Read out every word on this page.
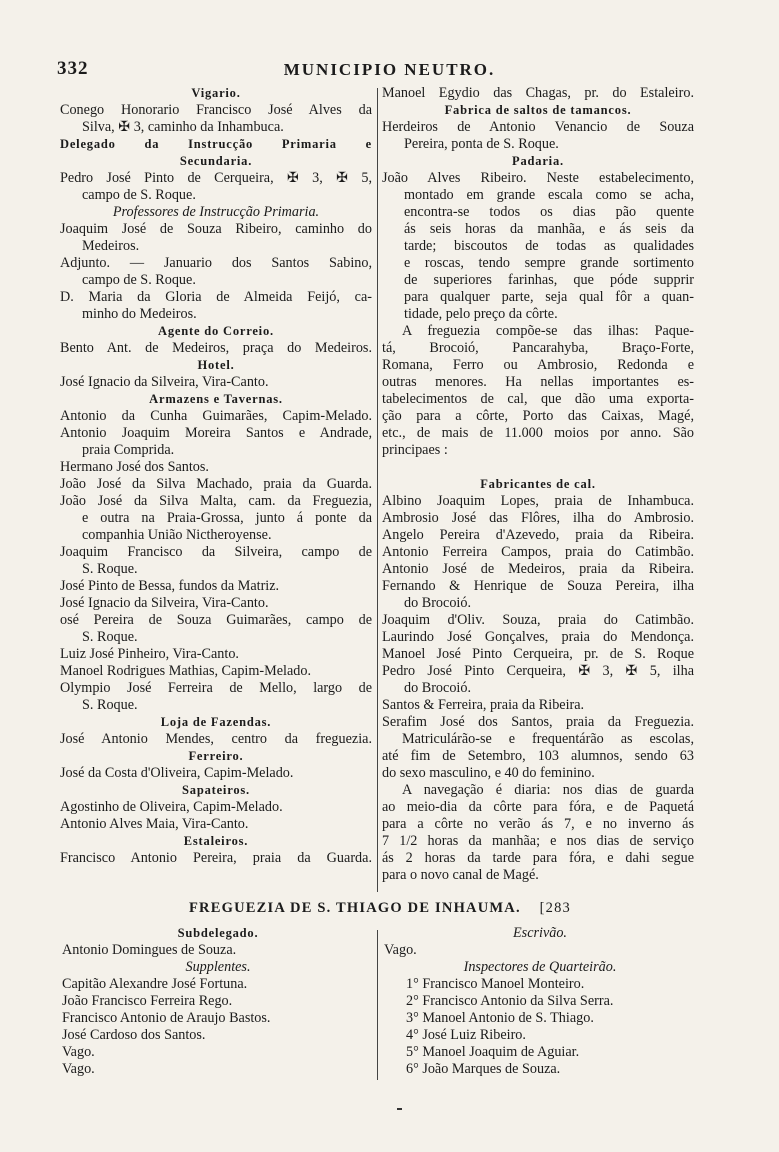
332	MUNICIPIO NEUTRO.
Vigario.
Conego Honorario Francisco José Alves da
Silva, ✠ 3, caminho da Inhambuca.
Delegado da Instrucção Primaria e
Secundaria.
Pedro José Pinto de Cerqueira, ✠ 3, ✠ 5,
campo de S. Roque.
Professores de Instrucção Primaria.
Joaquim José de Souza Ribeiro, caminho do
Medeiros.
Adjunto. — Januario dos Santos Sabino,
campo de S. Roque.
D. Maria da Gloria de Almeida Feijó, ca-
minho do Medeiros.
Agente do Correio.
Bento Ant. de Medeiros, praça do Medeiros.
Hotel.
José Ignacio da Silveira, Vira-Canto.
Armazens e Tavernas.
Antonio da Cunha Guimarães, Capim-Melado.
Antonio Joaquim Moreira Santos e Andrade,
praia Comprida.
Hermano José dos Santos.
João José da Silva Machado, praia da Guarda.
João José da Silva Malta, cam. da Freguezia,
e outra na Praia-Grossa, junto á ponte da
companhia União Nictheroyense.
Joaquim Francisco da Silveira, campo de
S. Roque.
José Pinto de Bessa, fundos da Matriz.
José Ignacio da Silveira, Vira-Canto.
osé Pereira de Souza Guimarães, campo de
S. Roque.
Luiz José Pinheiro, Vira-Canto.
Manoel Rodrigues Mathias, Capim-Melado.
Olympio José Ferreira de Mello, largo de
S. Roque.
Loja de Fazendas.
José Antonio Mendes, centro da freguezia.
Ferreiro.
José da Costa d'Oliveira, Capim-Melado.
Sapateiros.
Agostinho de Oliveira, Capim-Melado.
Antonio Alves Maia, Vira-Canto.
Estaleiros.
Francisco Antonio Pereira, praia da Guarda.
Manoel Egydio das Chagas, pr. do Estaleiro.
Fabrica de saltos de tamancos.
Herdeiros de Antonio Venancio de Souza
Pereira, ponta de S. Roque.
Padaria.
João Alves Ribeiro. Neste estabelecimento,
montado em grande escala como se acha,
encontra-se todos os dias pão quente
ás seis horas da manhãa, e ás seis da
tarde; biscoutos de todas as qualidades
e roscas, tendo sempre grande sortimento
de superiores farinhas, que póde supprir
para qualquer parte, seja qual fôr a quan-
tidade, pelo preço da côrte.
A freguezia compõe-se das ilhas: Paque-
tá, Brocoió, Pancarahyba, Braço-Forte,
Romana, Ferro ou Ambrosio, Redonda e
outras menores. Ha nellas importantes es-
tabelecimentos de cal, que dão uma exporta-
ção para a côrte, Porto das Caixas, Magé,
etc., de mais de 11.000 moios por anno. São
principaes :

Fabricantes de cal.
Albino Joaquim Lopes, praia de Inhambuca.
Ambrosio José das Flôres, ilha do Ambrosio.
Angelo Pereira d'Azevedo, praia da Ribeira.
Antonio Ferreira Campos, praia do Catimbão.
Antonio José de Medeiros, praia da Ribeira.
Fernando & Henrique de Souza Pereira, ilha
do Brocoió.
Joaquim d'Oliv. Souza, praia do Catimbão.
Laurindo José Gonçalves, praia do Mendonça.
Manoel José Pinto Cerqueira, pr. de S. Roque
Pedro José Pinto Cerqueira, ✠ 3, ✠ 5, ilha
do Brocoió.
Santos & Ferreira, praia da Ribeira.
Serafim José dos Santos, praia da Freguezia.
Matriculárão-se e frequentárão as escolas,
até fim de Setembro, 103 alumnos, sendo 63
do sexo masculino, e 40 do feminino.
A navegação é diaria: nos dias de guarda
ao meio-dia da côrte para fóra, e de Paquetá
para a côrte no verão ás 7, e no inverno ás
7 1/2 horas da manhãa; e nos dias de serviço
ás 2 horas da tarde para fóra, e dahi segue
para o novo canal de Magé.
FREGUEZIA DE S. THIAGO DE INHAUMA. [283
Subdelegado.
Antonio Domingues de Souza.
Supplentes.
Capitão Alexandre José Fortuna.
João Francisco Ferreira Rego.
Francisco Antonio de Araujo Bastos.
José Cardoso dos Santos.
Vago.
Vago.
Escrivão.
Vago.
Inspectores de Quarteirão.
1° Francisco Manoel Monteiro.
2° Francisco Antonio da Silva Serra.
3° Manoel Antonio de S. Thiago.
4° José Luiz Ribeiro.
5° Manoel Joaquim de Aguiar.
6° João Marques de Souza.
